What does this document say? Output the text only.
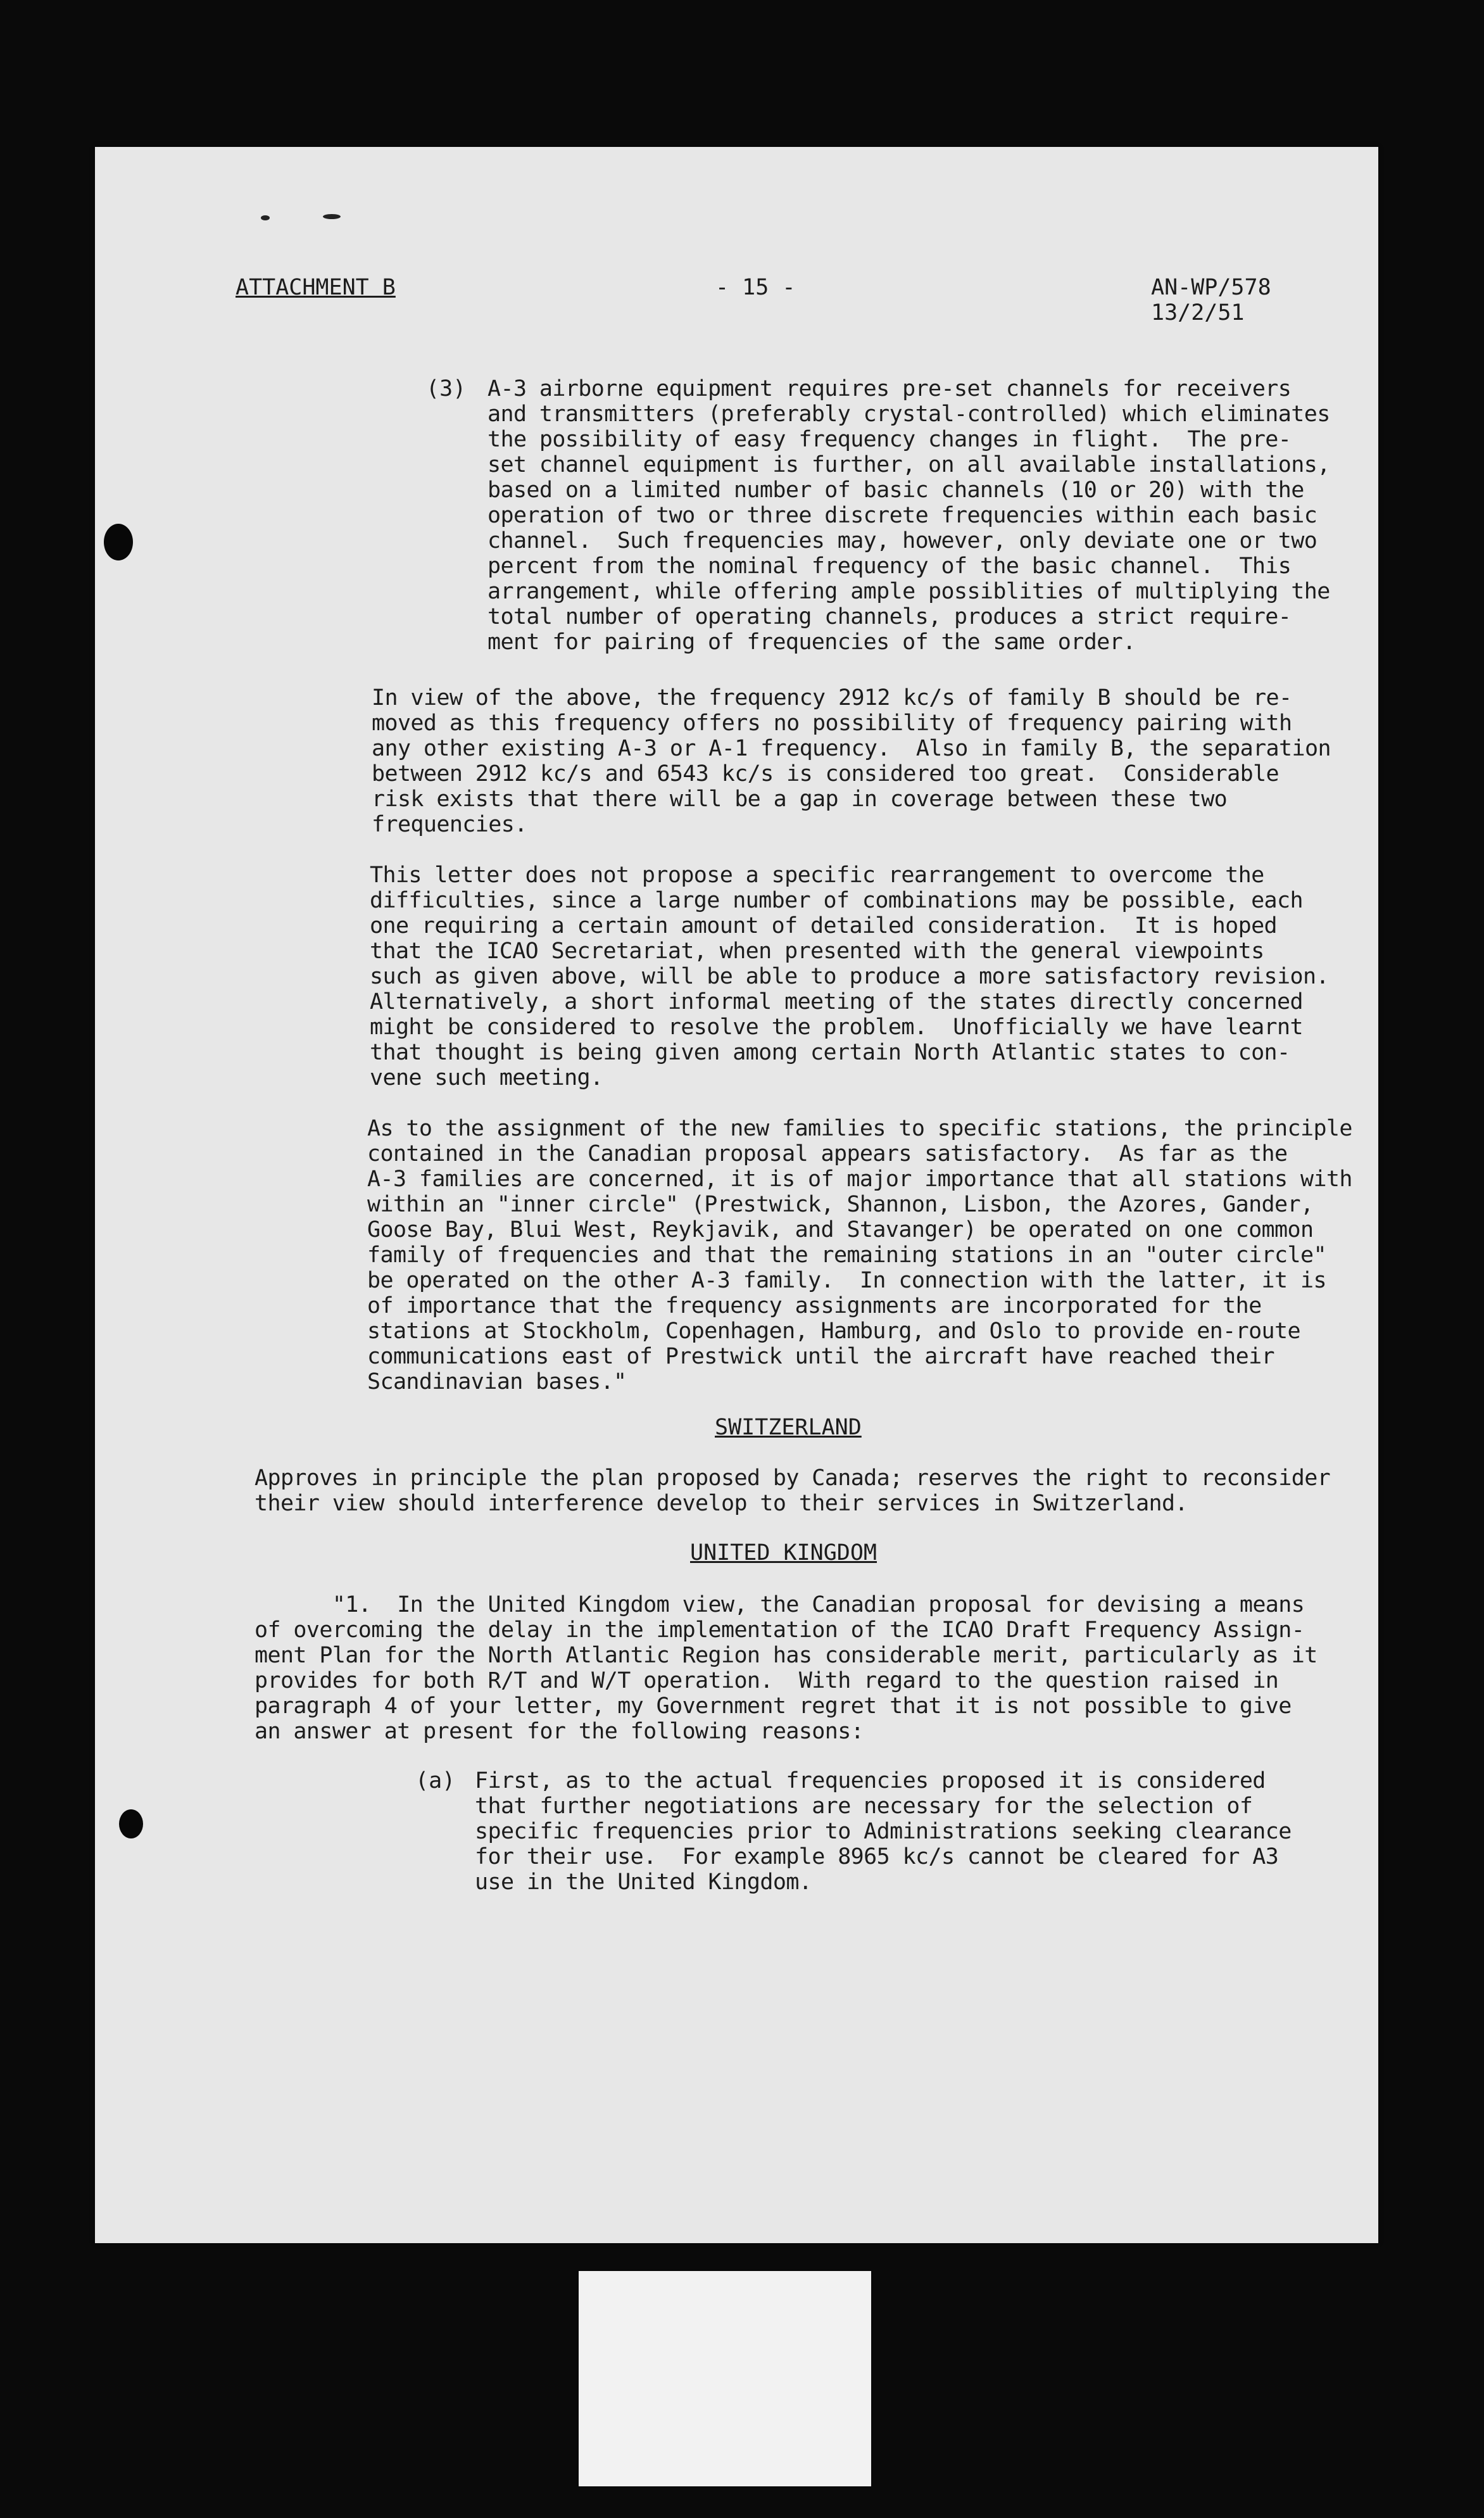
ATTACHMENT B	- 15 -	AN-WP/578
13/2/51
(3) A-3 airborne equipment requires pre-set channels for receivers
and transmitters (preferably crystal-controlled) which eliminates
the possibility of easy frequency changes in flight.  The pre-
set channel equipment is further, on all available installations,
based on a limited number of basic channels (10 or 20) with the
operation of two or three discrete frequencies within each basic
channel.  Such frequencies may, however, only deviate one or two
percent from the nominal frequency of the basic channel.  This
arrangement, while offering ample possiblities of multiplying the
total number of operating channels, produces a strict require-
ment for pairing of frequencies of the same order.
In view of the above, the frequency 2912 kc/s of family B should be re-
moved as this frequency offers no possibility of frequency pairing with
any other existing A-3 or A-1 frequency.  Also in family B, the separation
between 2912 kc/s and 6543 kc/s is considered too great.  Considerable
risk exists that there will be a gap in coverage between these two
frequencies.
This letter does not propose a specific rearrangement to overcome the
difficulties, since a large number of combinations may be possible, each
one requiring a certain amount of detailed consideration.  It is hoped
that the ICAO Secretariat, when presented with the general viewpoints
such as given above, will be able to produce a more satisfactory revision.
Alternatively, a short informal meeting of the states directly concerned
might be considered to resolve the problem.  Unofficially we have learnt
that thought is being given among certain North Atlantic states to con-
vene such meeting.
As to the assignment of the new families to specific stations, the principle
contained in the Canadian proposal appears satisfactory.  As far as the
A-3 families are concerned, it is of major importance that all stations with
within an "inner circle" (Prestwick, Shannon, Lisbon, the Azores, Gander,
Goose Bay, Blui West, Reykjavik, and Stavanger) be operated on one common
family of frequencies and that the remaining stations in an "outer circle"
be operated on the other A-3 family.  In connection with the latter, it is
of importance that the frequency assignments are incorporated for the
stations at Stockholm, Copenhagen, Hamburg, and Oslo to provide en-route
communications east of Prestwick until the aircraft have reached their
Scandinavian bases."
SWITZERLAND
Approves in principle the plan proposed by Canada; reserves the right to reconsider
their view should interference develop to their services in Switzerland.
UNITED KINGDOM
"1.  In the United Kingdom view, the Canadian proposal for devising a means
of overcoming the delay in the implementation of the ICAO Draft Frequency Assign-
ment Plan for the North Atlantic Region has considerable merit, particularly as it
provides for both R/T and W/T operation.  With regard to the question raised in
paragraph 4 of your letter, my Government regret that it is not possible to give
an answer at present for the following reasons:
(a) First, as to the actual frequencies proposed it is considered
that further negotiations are necessary for the selection of
specific frequencies prior to Administrations seeking clearance
for their use.  For example 8965 kc/s cannot be cleared for A3
use in the United Kingdom.
